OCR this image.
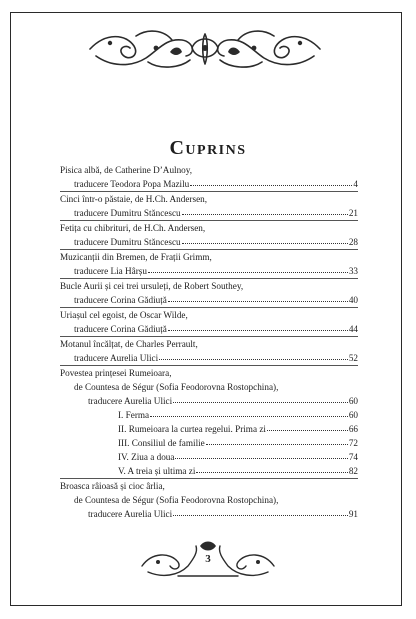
Cuprins
Pisica albă, de Catherine D’Aulnoy,
traducere Teodora Popa Mazilu	4
Cinci într-o păstaie, de H.Ch. Andersen,
traducere Dumitru Stăncescu	21
Fetița cu chibrituri, de H.Ch. Andersen,
traducere Dumitru Stăncescu	28
Muzicanții din Bremen, de Frații Grimm,
traducere Lia Hârșu	33
Bucle Aurii și cei trei ursuleți, de Robert Southey,
traducere Corina Gădiuță	40
Uriașul cel egoist, de Oscar Wilde,
traducere Corina Gădiuță	44
Motanul încălțat, de Charles Perrault,
traducere Aurelia Ulici	52
Povestea prințesei Rumeioara,
de Countesa de Ségur (Sofia Feodorovna Rostopchina),
traducere Aurelia Ulici	60
I. Ferma	60
II. Rumeioara la curtea regelui. Prima zi	66
III. Consiliul de familie	72
IV. Ziua a doua	74
V. A treia și ultima zi	82
Broasca râioasă și cioc ârlia,
de Countesa de Ségur (Sofia Feodorovna Rostopchina),
traducere Aurelia Ulici	91
3
